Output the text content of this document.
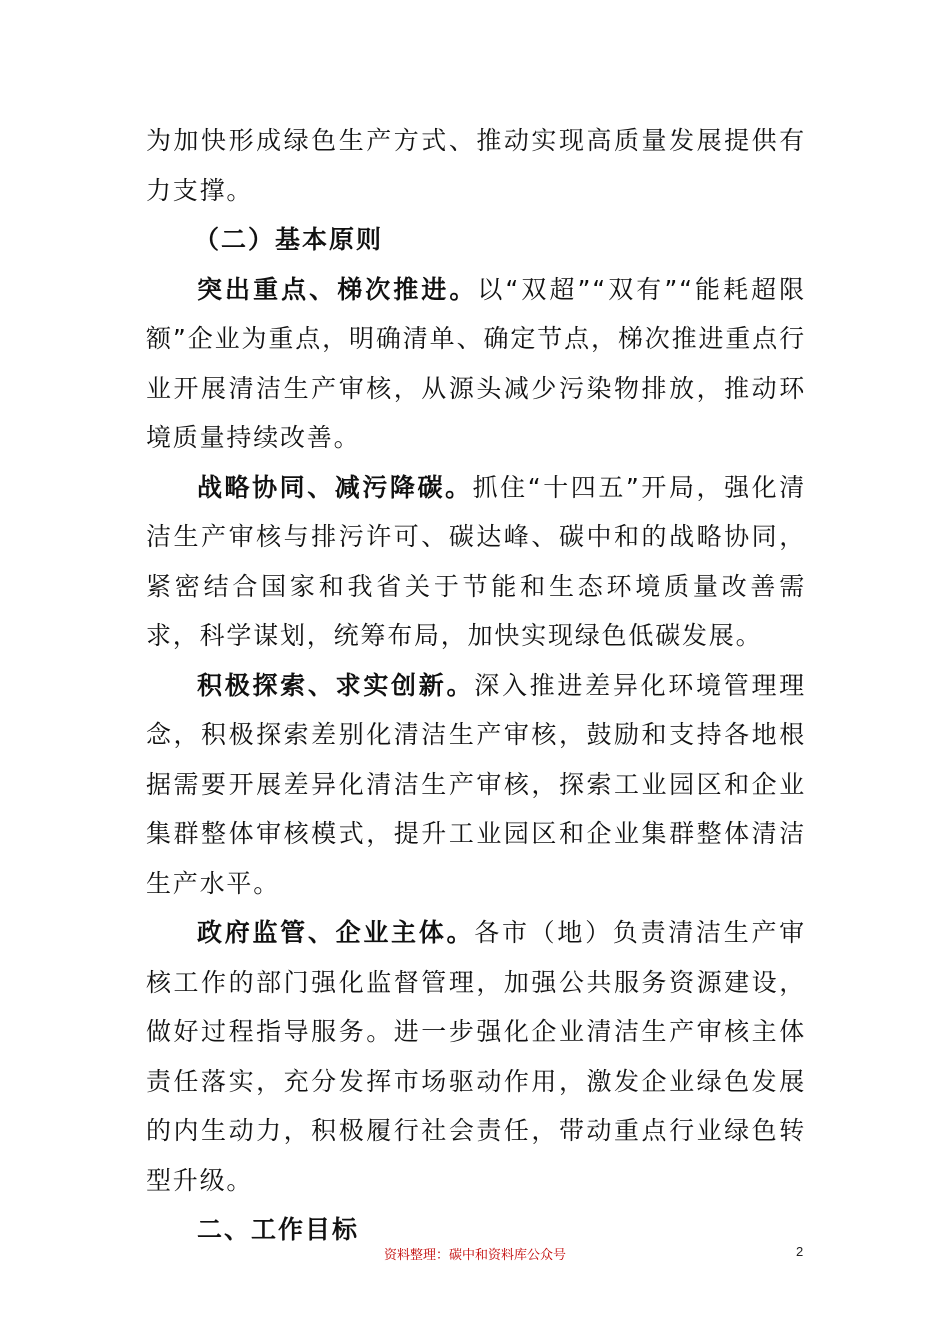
为加快形成绿色生产方式、推动实现高质量发展提供有力支撑。

（二）基本原则

突出重点、梯次推进。以“双超”“双有”“能耗超限额”企业为重点，明确清单、确定节点，梯次推进重点行业开展清洁生产审核，从源头减少污染物排放，推动环境质量持续改善。

战略协同、减污降碳。抓住“十四五”开局，强化清洁生产审核与排污许可、碳达峰、碳中和的战略协同，紧密结合国家和我省关于节能和生态环境质量改善需求，科学谋划，统筹布局，加快实现绿色低碳发展。

积极探索、求实创新。深入推进差异化环境管理理念，积极探索差别化清洁生产审核，鼓励和支持各地根据需要开展差异化清洁生产审核，探索工业园区和企业集群整体审核模式，提升工业园区和企业集群整体清洁生产水平。

政府监管、企业主体。各市（地）负责清洁生产审核工作的部门强化监督管理，加强公共服务资源建设，做好过程指导服务。进一步强化企业清洁生产审核主体责任落实，充分发挥市场驱动作用，激发企业绿色发展的内生动力，积极履行社会责任，带动重点行业绿色转型升级。

二、工作目标

资料整理：碳中和资料库公众号	2
